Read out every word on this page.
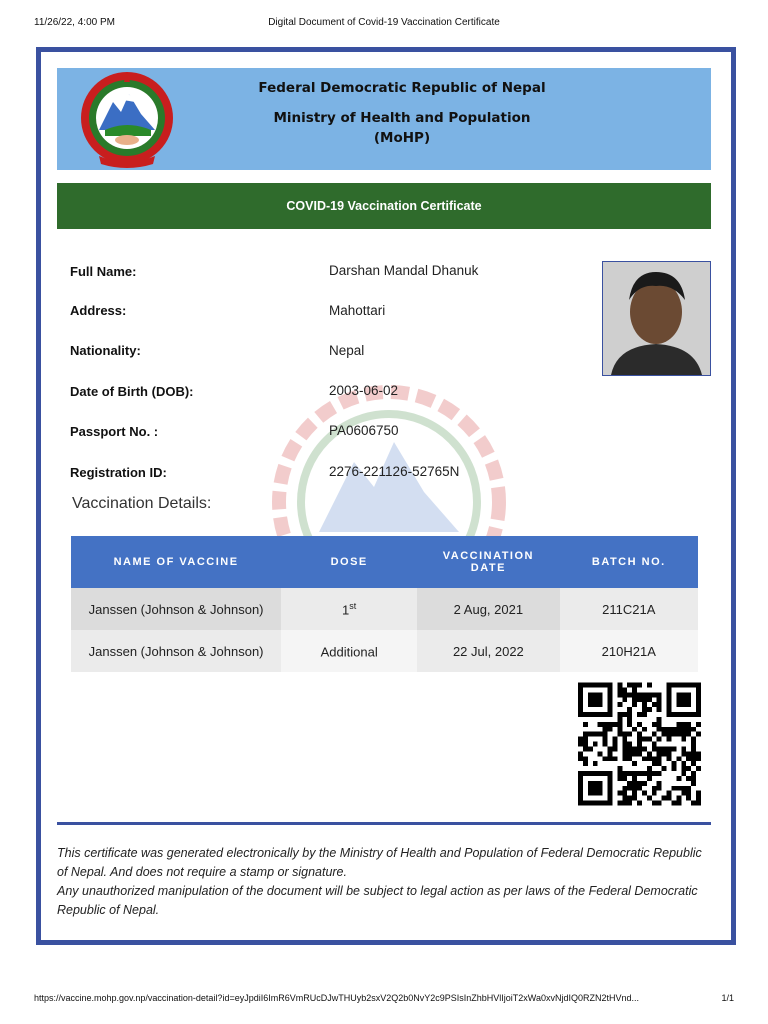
11/26/22, 4:00 PM	Digital Document of Covid-19 Vaccination Certificate
Federal Democratic Republic of Nepal
Ministry of Health and Population
(MoHP)
COVID-19 Vaccination Certificate
Full Name:	Darshan Mandal Dhanuk
Address:	Mahottari
Nationality:	Nepal
Date of Birth (DOB):	2003-06-02
Passport No. :	PA0606750
Registration ID:	2276-221126-52765N
Vaccination Details:
NAME OF VACCINE	DOSE	VACCINATION DATE	BATCH NO.
Janssen (Johnson & Johnson)	1st	2 Aug, 2021	211C21A
Janssen (Johnson & Johnson)	Additional	22 Jul, 2022	210H21A

This certificate was generated electronically by the Ministry of Health and Population of Federal Democratic Republic of Nepal. And does not require a stamp or signature.

Any unauthorized manipulation of the document will be subject to legal action as per laws of the Federal Democratic Republic of Nepal.

https://vaccine.mohp.gov.np/vaccination-detail?id=eyJpdiI6ImR6VmRUcDJwTHUyb2sxV2Q2b0NvY2c9PSIsInZhbHVlIjoiT2xWa0xvNjdIQ0RZN2tHVnd...	1/1
